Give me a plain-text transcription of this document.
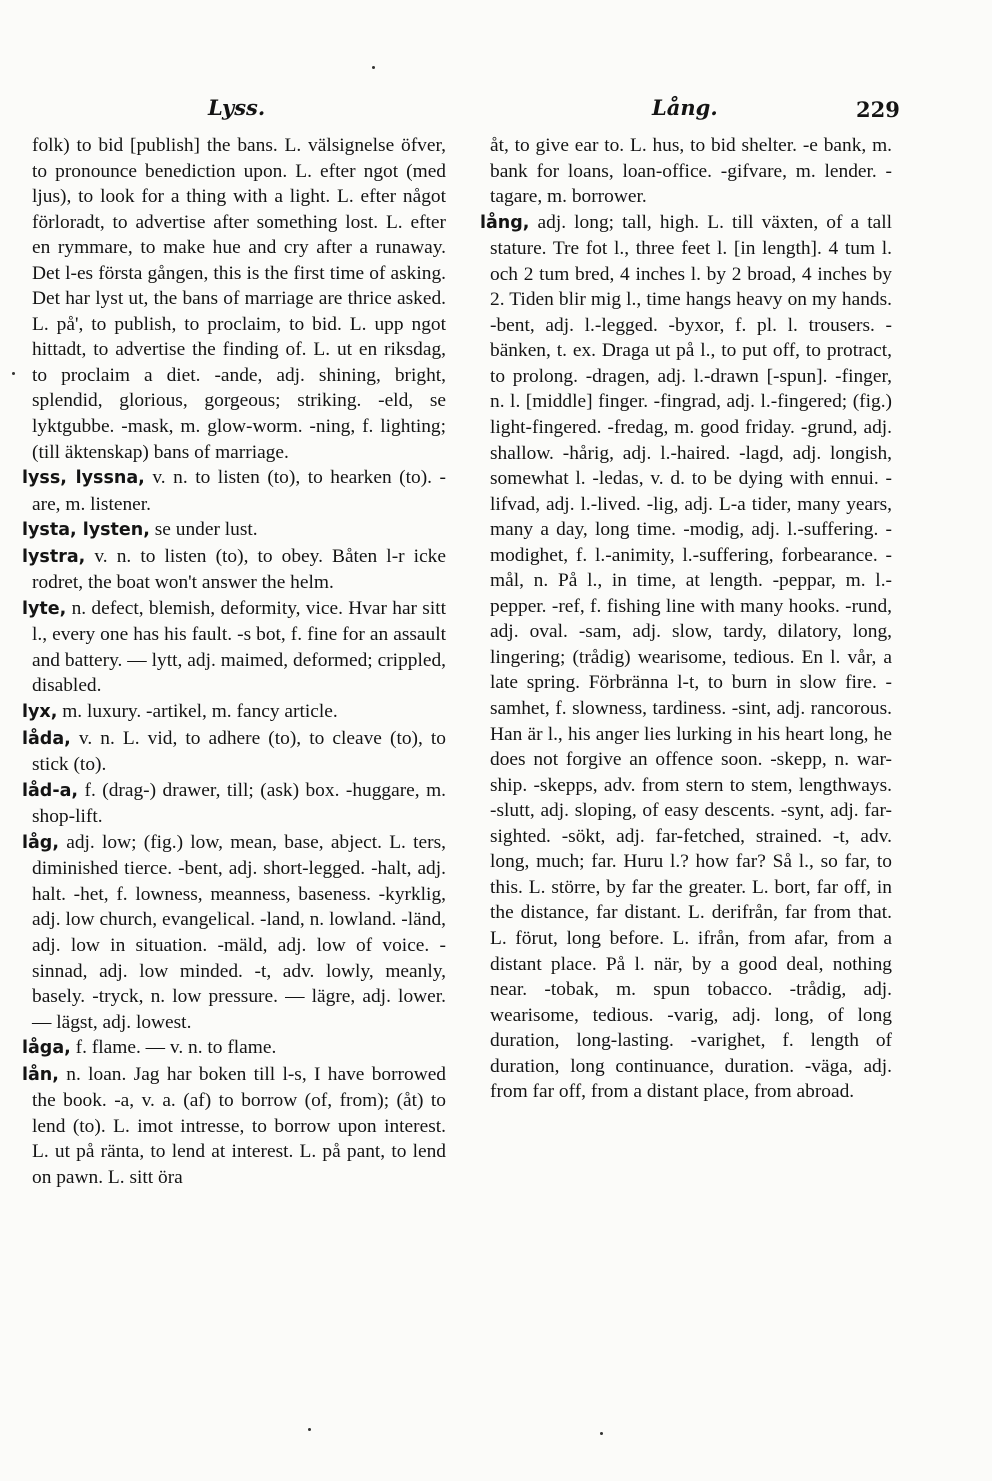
Lyss.	Lång.	229

folk) to bid [publish] the bans. L. välsignelse öfver, to pronounce benediction upon. L. efter ngot (med ljus), to look for a thing with a light. L. efter något förloradt, to advertise after something lost. L. efter en rymmare, to make hue and cry after a runaway. Det l-es första gången, this is the first time of asking. Det har lyst ut, the bans of marriage are thrice asked. L. på', to publish, to proclaim, to bid. L. upp ngot hittadt, to advertise the finding of. L. ut en riksdag, to proclaim a diet. -ande, adj. shining, bright, splendid, glorious, gorgeous; striking. -eld, se lyktgubbe. -mask, m. glow-worm. -ning, f. lighting; (till äktenskap) bans of marriage.

lyss, lyssna, v. n. to listen (to), to hearken (to). -are, m. listener.

lysta, lysten, se under lust.

lystra, v. n. to listen (to), to obey. Båten l-r icke rodret, the boat won't answer the helm.

lyte, n. defect, blemish, deformity, vice. Hvar har sitt l., every one has his fault. -s bot, f. fine for an assault and battery. — lytt, adj. maimed, deformed; crippled, disabled.

lyx, m. luxury. -artikel, m. fancy article.

låda, v. n. L. vid, to adhere (to), to cleave (to), to stick (to).

låd-a, f. (drag-) drawer, till; (ask) box. -huggare, m. shop-lift.

låg, adj. low; (fig.) low, mean, base, abject. L. ters, diminished tierce. -bent, adj. short-legged. -halt, adj. halt. -het, f. lowness, meanness, baseness. -kyrklig, adj. low church, evangelical. -land, n. lowland. -länd, adj. low in situation. -mäld, adj. low of voice. -sinnad, adj. low minded. -t, adv. lowly, meanly, basely. -tryck, n. low pressure. — lägre, adj. lower. — lägst, adj. lowest.

låga, f. flame. — v. n. to flame.

lån, n. loan. Jag har boken till l-s, I have borrowed the book. -a, v. a. (af) to borrow (of, from); (åt) to lend (to). L. imot intresse, to borrow upon interest. L. ut på ränta, to lend at interest. L. på pant, to lend on pawn. L. sitt öra

åt, to give ear to. L. hus, to bid shelter. -e bank, m. bank for loans, loan-office. -gifvare, m. lender. -tagare, m. borrower.

lång, adj. long; tall, high. L. till växten, of a tall stature. Tre fot l., three feet l. [in length]. 4 tum l. och 2 tum bred, 4 inches l. by 2 broad, 4 inches by 2. Tiden blir mig l., time hangs heavy on my hands. -bent, adj. l.-legged. -byxor, f. pl. l. trousers. -bänken, t. ex. Draga ut på l., to put off, to protract, to prolong. -dragen, adj. l.-drawn [-spun]. -finger, n. l. [middle] finger. -fingrad, adj. l.-fingered; (fig.) light-fingered. -fredag, m. good friday. -grund, adj. shallow. -hårig, adj. l.-haired. -lagd, adj. longish, somewhat l. -ledas, v. d. to be dying with ennui. -lifvad, adj. l.-lived. -lig, adj. L-a tider, many years, many a day, long time. -modig, adj. l.-suffering. -modighet, f. l.-animity, l.-suffering, forbearance. -mål, n. På l., in time, at length. -peppar, m. l.-pepper. -ref, f. fishing line with many hooks. -rund, adj. oval. -sam, adj. slow, tardy, dilatory, long, lingering; (trådig) wearisome, tedious. En l. vår, a late spring. Förbränna l-t, to burn in slow fire. -samhet, f. slowness, tardiness. -sint, adj. rancorous. Han är l., his anger lies lurking in his heart long, he does not forgive an offence soon. -skepp, n. war-ship. -skepps, adv. from stern to stem, lengthways. -slutt, adj. sloping, of easy descents. -synt, adj. far-sighted. -sökt, adj. far-fetched, strained. -t, adv. long, much; far. Huru l.? how far? Så l., so far, to this. L. större, by far the greater. L. bort, far off, in the distance, far distant. L. derifrån, far from that. L. förut, long before. L. ifrån, from afar, from a distant place. På l. när, by a good deal, nothing near. -tobak, m. spun tobacco. -trådig, adj. wearisome, tedious. -varig, adj. long, of long duration, long-lasting. -varighet, f. length of duration, long continuance, duration. -väga, adj. from far off, from a distant place, from abroad.
